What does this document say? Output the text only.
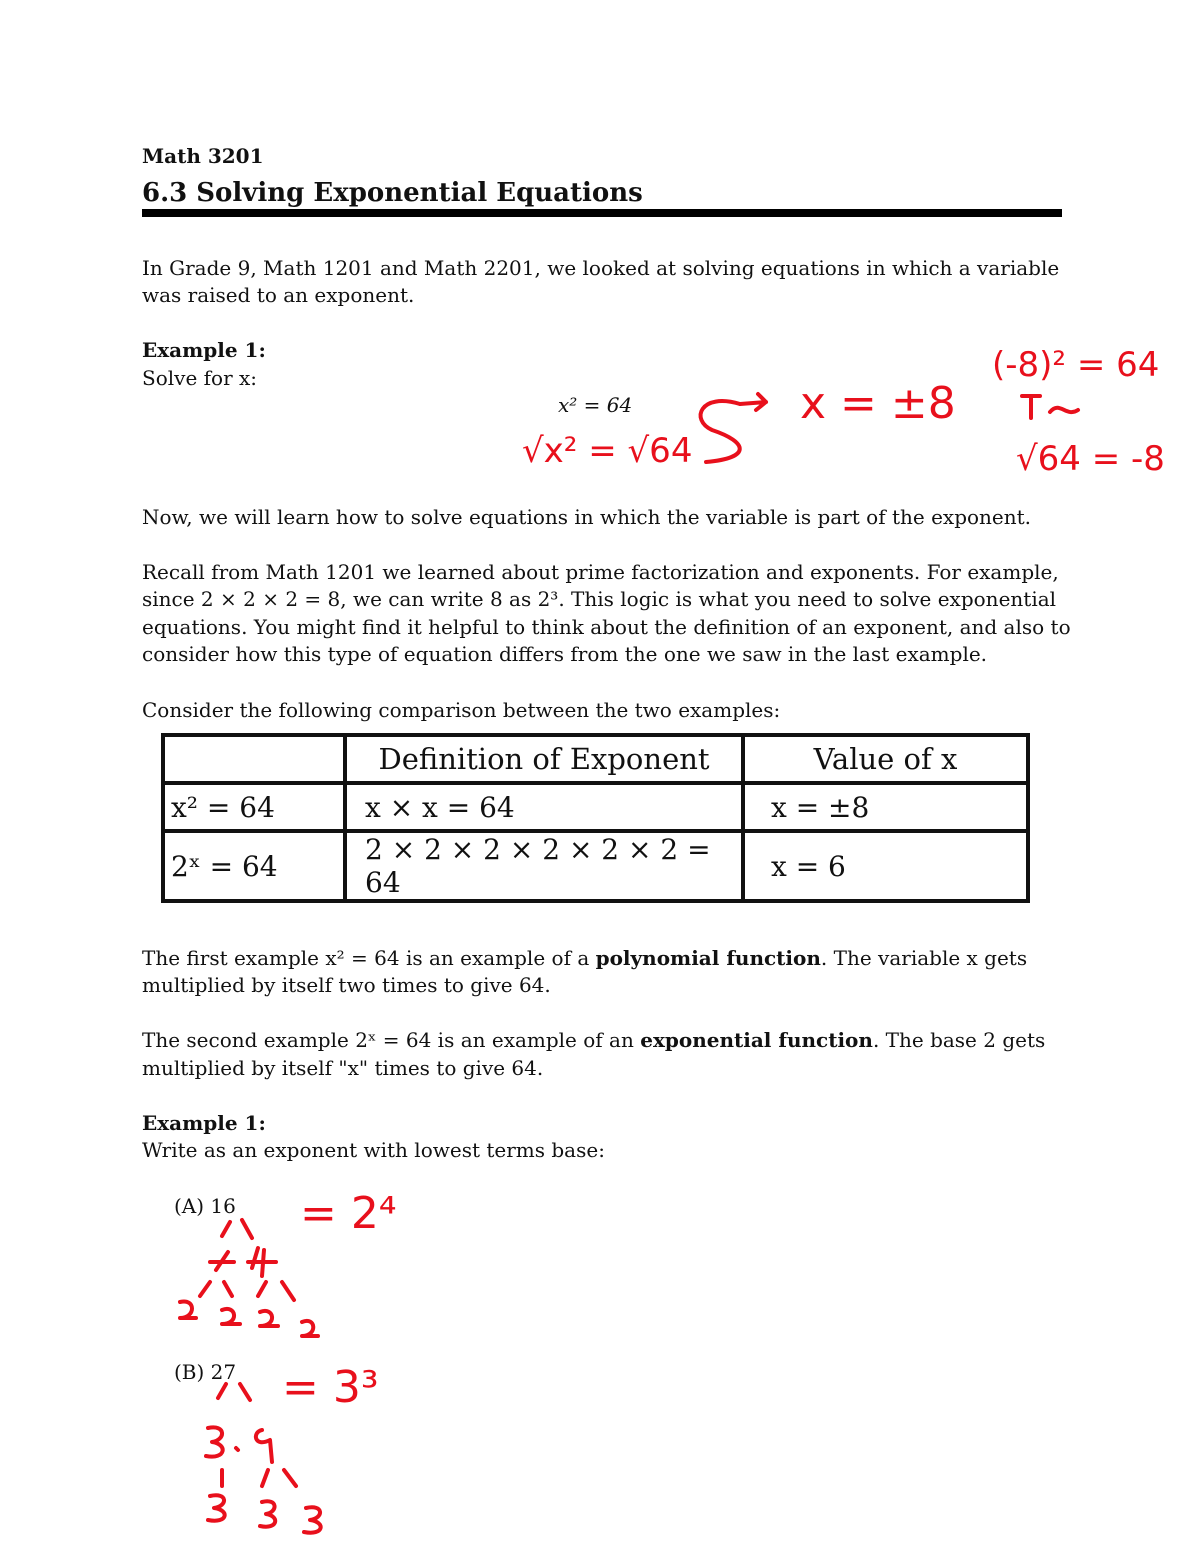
Math 3201
6.3 Solving Exponential Equations
In Grade 9, Math 1201 and Math 2201, we looked at solving equations in which a variable
was raised to an exponent.
Example 1:
Solve for x:
x² = 64
Now, we will learn how to solve equations in which the variable is part of the exponent.
Recall from Math 1201 we learned about prime factorization and exponents. For example,
since 2 × 2 × 2 = 8, we can write 8 as 2³. This logic is what you need to solve exponential
equations. You might find it helpful to think about the definition of an exponent, and also to
consider how this type of equation differs from the one we saw in the last example.
Consider the following comparison between the two examples:
	Definition of Exponent	Value of x
x² = 64	x × x = 64	x = ±8
2ˣ = 64	2 × 2 × 2 × 2 × 2 × 2 = 64	x = 6
The first example x² = 64 is an example of a polynomial function. The variable x gets
multiplied by itself two times to give 64.
The second example 2ˣ = 64 is an example of an exponential function. The base 2 gets
multiplied by itself "x" times to give 64.
Example 1:
Write as an exponent with lowest terms base:
(A) 16
(B) 27
√x² = √64
x = ±8
(-8)² = 64
√64 = -8
= 2⁴
= 3³
